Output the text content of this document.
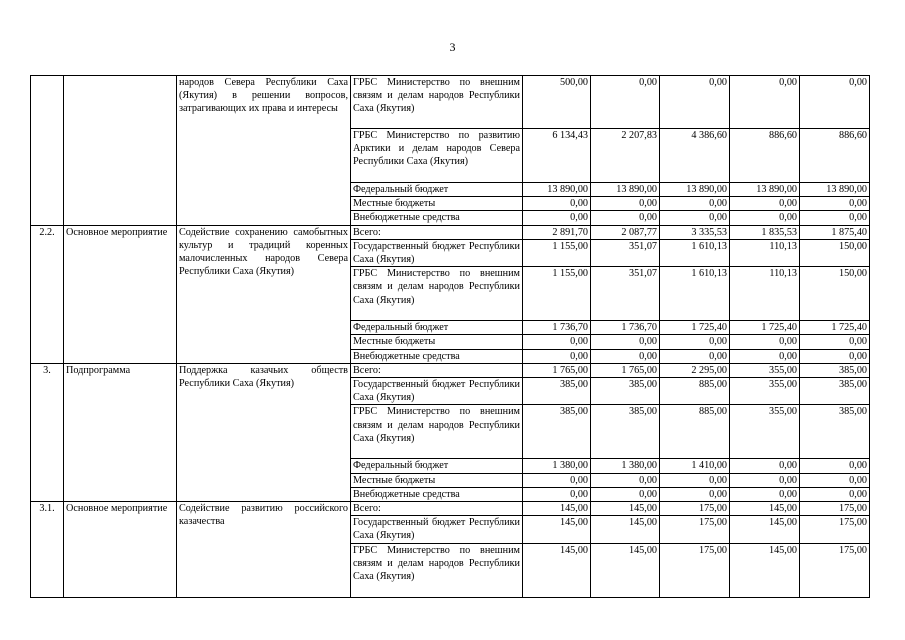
3
		народов Севера Республики Саха (Якутия) в решении вопросов, затрагивающих их права и интересы	ГРБС Министерство по внешним связям и делам народов Республики Саха (Якутия)	500,00	0,00	0,00	0,00	0,00
			ГРБС Министерство по развитию Арктики и делам народов Севера Республики Саха (Якутия)	6 134,43	2 207,83	4 386,60	886,60	886,60
			Федеральный бюджет	13 890,00	13 890,00	13 890,00	13 890,00	13 890,00
			Местные бюджеты	0,00	0,00	0,00	0,00	0,00
			Внебюджетные средства	0,00	0,00	0,00	0,00	0,00
2.2.	Основное мероприятие	Содействие сохранению самобытных культур и традиций коренных малочисленных народов Севера Республики Саха (Якутия)	Всего:	2 891,70	2 087,77	3 335,53	1 835,53	1 875,40
			Государственный бюджет Республики Саха (Якутия)	1 155,00	351,07	1 610,13	110,13	150,00
			ГРБС Министерство по внешним связям и делам народов Республики Саха (Якутия)	1 155,00	351,07	1 610,13	110,13	150,00
			Федеральный бюджет	1 736,70	1 736,70	1 725,40	1 725,40	1 725,40
			Местные бюджеты	0,00	0,00	0,00	0,00	0,00
			Внебюджетные средства	0,00	0,00	0,00	0,00	0,00
3.	Подпрограмма	Поддержка казачьих обществ Республики Саха (Якутия)	Всего:	1 765,00	1 765,00	2 295,00	355,00	385,00
			Государственный бюджет Республики Саха (Якутия)	385,00	385,00	885,00	355,00	385,00
			ГРБС Министерство по внешним связям и делам народов Республики Саха (Якутия)	385,00	385,00	885,00	355,00	385,00
			Федеральный бюджет	1 380,00	1 380,00	1 410,00	0,00	0,00
			Местные бюджеты	0,00	0,00	0,00	0,00	0,00
			Внебюджетные средства	0,00	0,00	0,00	0,00	0,00
3.1.	Основное мероприятие	Содействие развитию российского казачества	Всего:	145,00	145,00	175,00	145,00	175,00
			Государственный бюджет Республики Саха (Якутия)	145,00	145,00	175,00	145,00	175,00
			ГРБС Министерство по внешним связям и делам народов Республики Саха (Якутия)	145,00	145,00	175,00	145,00	175,00
